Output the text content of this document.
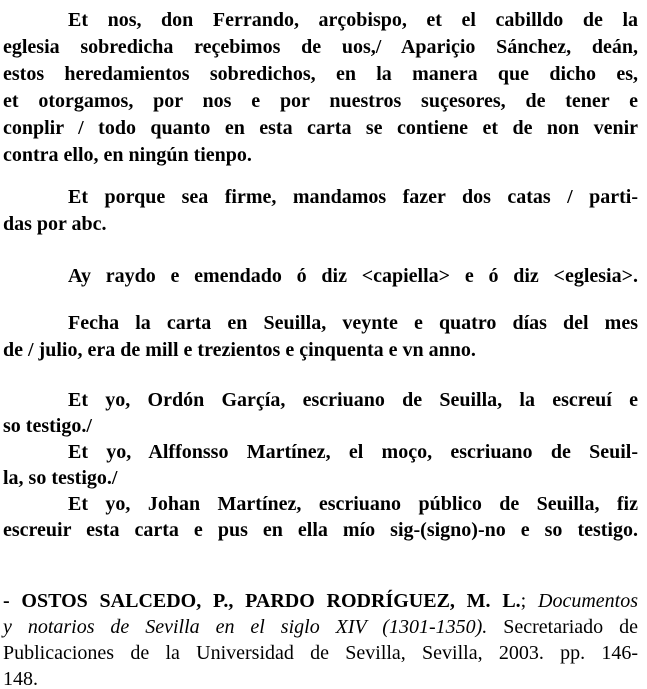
Et nos, don Ferrando, arçobispo, et el cabilldo de la
eglesia sobredicha reçebimos de uos,/ Apariçio Sánchez, deán,
estos heredamientos sobredichos, en la manera que dicho es,
et otorgamos, por nos e por nuestros suçesores, de tener e
conplir / todo quanto en esta carta se contiene et de non venir
contra ello, en ningún tienpo.
Et porque sea firme, mandamos fazer dos catas / parti-
das por abc.
Ay raydo e emendado ó diz <capiella> e ó diz <eglesia>.
Fecha la carta en Seuilla, veynte e quatro días del mes
de / julio, era de mill e trezientos e çinquenta e vn anno.
Et yo, Ordón Garçía, escriuano de Seuilla, la escreuí e
so testigo./
Et yo, Alffonsso Martínez, el moço, escriuano de Seuil-
la, so testigo./
Et yo, Johan Martínez, escriuano público de Seuilla, fiz
escreuir esta carta e pus en ella mío sig-(signo)-no e so testigo.
- OSTOS SALCEDO, P., PARDO RODRÍGUEZ, M. L.; Documentos
y notarios de Sevilla en el siglo XIV (1301-1350). Secretariado de
Publicaciones de la Universidad de Sevilla, Sevilla, 2003. pp. 146-
148.
